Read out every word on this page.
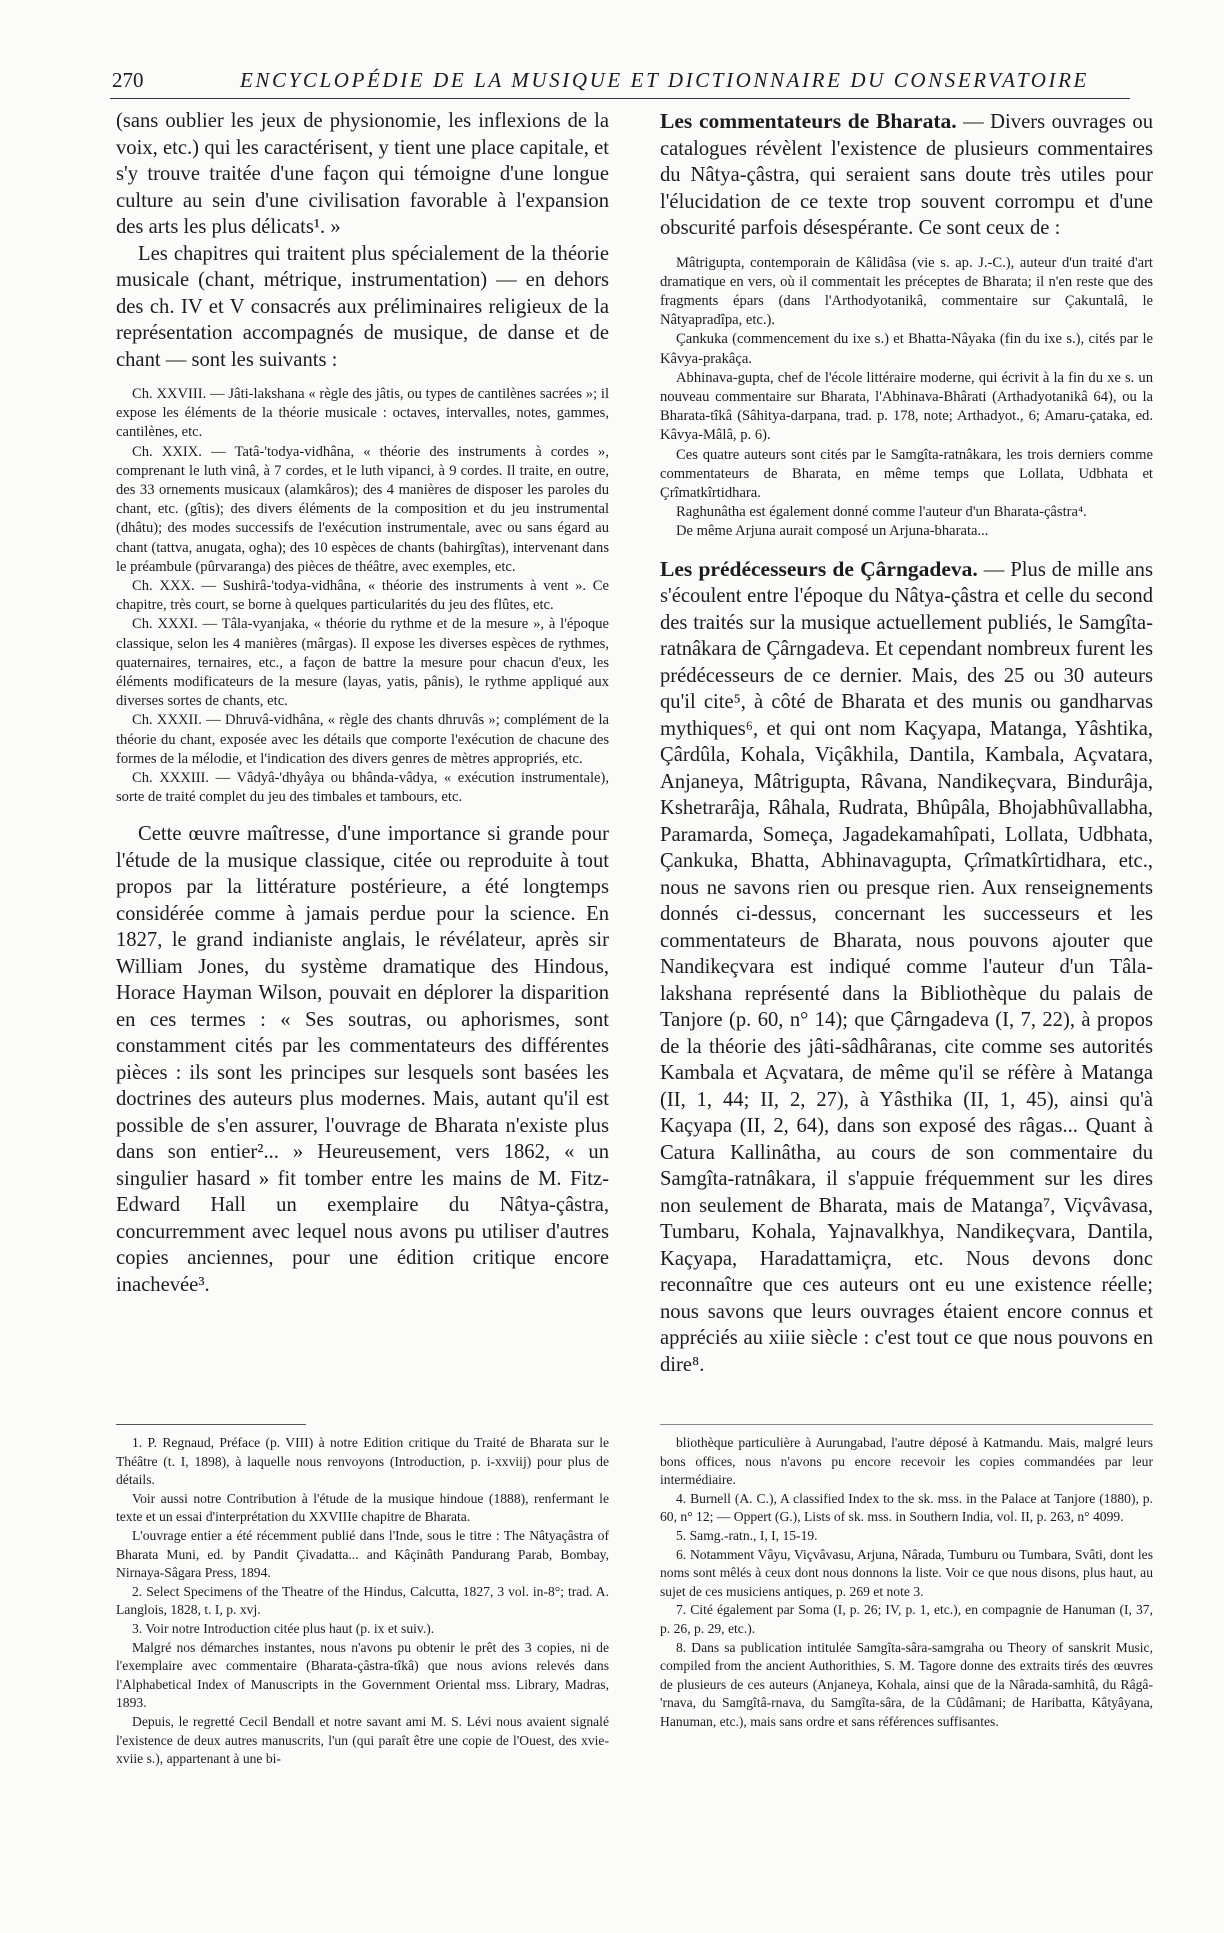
270	ENCYCLOPÉDIE DE LA MUSIQUE ET DICTIONNAIRE DU CONSERVATOIRE

(sans oublier les jeux de physionomie, les inflexions de la voix, etc.) qui les caractérisent, y tient une place capitale, et s'y trouve traitée d'une façon qui témoigne d'une longue culture au sein d'une civilisation favorable à l'expansion des arts les plus délicats¹. »

Les chapitres qui traitent plus spécialement de la théorie musicale (chant, métrique, instrumentation) — en dehors des ch. IV et V consacrés aux préliminaires religieux de la représentation accompagnés de musique, de danse et de chant — sont les suivants :

Ch. XXVIII. — Jâti-lakshana « règle des jâtis, ou types de cantilènes sacrées »; il expose les éléments de la théorie musicale : octaves, intervalles, notes, gammes, cantilènes, etc.

Ch. XXIX. — Tatâ-'todya-vidhâna, « théorie des instruments à cordes », comprenant le luth vinâ, à 7 cordes, et le luth vipanci, à 9 cordes. Il traite, en outre, des 33 ornements musicaux (alamkâros); des 4 manières de disposer les paroles du chant, etc. (gîtis); des divers éléments de la composition et du jeu instrumental (dhâtu); des modes successifs de l'exécution instrumentale, avec ou sans égard au chant (tattva, anugata, ogha); des 10 espèces de chants (bahirgîtas), intervenant dans le préambule (pûrvaranga) des pièces de théâtre, avec exemples, etc.

Ch. XXX. — Sushirâ-'todya-vidhâna, « théorie des instruments à vent ». Ce chapitre, très court, se borne à quelques particularités du jeu des flûtes, etc.

Ch. XXXI. — Tâla-vyanjaka, « théorie du rythme et de la mesure », à l'époque classique, selon les 4 manières (mârgas). Il expose les diverses espèces de rythmes, quaternaires, ternaires, etc., a façon de battre la mesure pour chacun d'eux, les éléments modificateurs de la mesure (layas, yatis, pânis), le rythme appliqué aux diverses sortes de chants, etc.

Ch. XXXII. — Dhruvâ-vidhâna, « règle des chants dhruvâs »; complément de la théorie du chant, exposée avec les détails que comporte l'exécution de chacune des formes de la mélodie, et l'indication des divers genres de mètres appropriés, etc.

Ch. XXXIII. — Vâdyâ-'dhyâya ou bhânda-vâdya, « exécution instrumentale), sorte de traité complet du jeu des timbales et tambours, etc.

Cette œuvre maîtresse, d'une importance si grande pour l'étude de la musique classique, citée ou reproduite à tout propos par la littérature postérieure, a été longtemps considérée comme à jamais perdue pour la science. En 1827, le grand indianiste anglais, le révélateur, après sir William Jones, du système dramatique des Hindous, Horace Hayman Wilson, pouvait en déplorer la disparition en ces termes : « Ses soutras, ou aphorismes, sont constamment cités par les commentateurs des différentes pièces : ils sont les principes sur lesquels sont basées les doctrines des auteurs plus modernes. Mais, autant qu'il est possible de s'en assurer, l'ouvrage de Bharata n'existe plus dans son entier²... » Heureusement, vers 1862, « un singulier hasard » fit tomber entre les mains de M. Fitz-Edward Hall un exemplaire du Nâtya-çâstra, concurremment avec lequel nous avons pu utiliser d'autres copies anciennes, pour une édition critique encore inachevée³.

1. P. Regnaud, Préface (p. VIII) à notre Edition critique du Traité de Bharata sur le Théâtre (t. I, 1898), à laquelle nous renvoyons (Introduction, p. i-xxviij) pour plus de détails.

Voir aussi notre Contribution à l'étude de la musique hindoue (1888), renfermant le texte et un essai d'interprétation du XXVIIIe chapitre de Bharata.

L'ouvrage entier a été récemment publié dans l'Inde, sous le titre : The Nâtyaçâstra of Bharata Muni, ed. by Pandit Çivadatta... and Kâçinâth Pandurang Parab, Bombay, Nirnaya-Sâgara Press, 1894.

2. Select Specimens of the Theatre of the Hindus, Calcutta, 1827, 3 vol. in-8°; trad. A. Langlois, 1828, t. I, p. xvj.

3. Voir notre Introduction citée plus haut (p. ix et suiv.).

Malgré nos démarches instantes, nous n'avons pu obtenir le prêt des 3 copies, ni de l'exemplaire avec commentaire (Bharata-çâstra-tîkâ) que nous avions relevés dans l'Alphabetical Index of Manuscripts in the Government Oriental mss. Library, Madras, 1893.

Depuis, le regretté Cecil Bendall et notre savant ami M. S. Lévi nous avaient signalé l'existence de deux autres manuscrits, l'un (qui paraît être une copie de l'Ouest, des xvie-xviie s.), appartenant à une bi-

Les commentateurs de Bharata. — Divers ouvrages ou catalogues révèlent l'existence de plusieurs commentaires du Nâtya-çâstra, qui seraient sans doute très utiles pour l'élucidation de ce texte trop souvent corrompu et d'une obscurité parfois désespérante. Ce sont ceux de :

Mâtrigupta, contemporain de Kâlidâsa (vie s. ap. J.-C.), auteur d'un traité d'art dramatique en vers, où il commentait les préceptes de Bharata; il n'en reste que des fragments épars (dans l'Arthodyotanikâ, commentaire sur Çakuntalâ, le Nâtyapradîpa, etc.).

Çankuka (commencement du ixe s.) et Bhatta-Nâyaka (fin du ixe s.), cités par le Kâvya-prakâça.

Abhinava-gupta, chef de l'école littéraire moderne, qui écrivit à la fin du xe s. un nouveau commentaire sur Bharata, l'Abhinava-Bhârati (Arthadyotanikâ 64), ou la Bharata-tîkâ (Sâhitya-darpana, trad. p. 178, note; Arthadyot., 6; Amaru-çataka, ed. Kâvya-Mâlâ, p. 6).

Ces quatre auteurs sont cités par le Samgîta-ratnâkara, les trois derniers comme commentateurs de Bharata, en même temps que Lollata, Udbhata et Çrîmatkîrtidhara.

Raghunâtha est également donné comme l'auteur d'un Bharata-çâstra⁴.

De même Arjuna aurait composé un Arjuna-bharata...

Les prédécesseurs de Çârngadeva. — Plus de mille ans s'écoulent entre l'époque du Nâtya-çâstra et celle du second des traités sur la musique actuellement publiés, le Samgîta-ratnâkara de Çârngadeva. Et cependant nombreux furent les prédécesseurs de ce dernier. Mais, des 25 ou 30 auteurs qu'il cite⁵, à côté de Bharata et des munis ou gandharvas mythiques⁶, et qui ont nom Kaçyapa, Matanga, Yâshtika, Çârdûla, Kohala, Viçâkhila, Dantila, Kambala, Açvatara, Anjaneya, Mâtrigupta, Râvana, Nandikeçvara, Bindurâja, Kshetrarâja, Râhala, Rudrata, Bhûpâla, Bhojabhûvallabha, Paramarda, Someça, Jagadekamahîpati, Lollata, Udbhata, Çankuka, Bhatta, Abhinavagupta, Çrîmatkîrtidhara, etc., nous ne savons rien ou presque rien. Aux renseignements donnés ci-dessus, concernant les successeurs et les commentateurs de Bharata, nous pouvons ajouter que Nandikeçvara est indiqué comme l'auteur d'un Tâla-lakshana représenté dans la Bibliothèque du palais de Tanjore (p. 60, n° 14); que Çârngadeva (I, 7, 22), à propos de la théorie des jâti-sâdhâranas, cite comme ses autorités Kambala et Açvatara, de même qu'il se réfère à Matanga (II, 1, 44; II, 2, 27), à Yâsthika (II, 1, 45), ainsi qu'à Kaçyapa (II, 2, 64), dans son exposé des râgas... Quant à Catura Kallinâtha, au cours de son commentaire du Samgîta-ratnâkara, il s'appuie fréquemment sur les dires non seulement de Bharata, mais de Matanga⁷, Viçvâvasa, Tumbaru, Kohala, Yajnavalkhya, Nandikeçvara, Dantila, Kaçyapa, Haradattamiçra, etc. Nous devons donc reconnaître que ces auteurs ont eu une existence réelle; nous savons que leurs ouvrages étaient encore connus et appréciés au xiiie siècle : c'est tout ce que nous pouvons en dire⁸.

bliothèque particulière à Aurungabad, l'autre déposé à Katmandu. Mais, malgré leurs bons offices, nous n'avons pu encore recevoir les copies commandées par leur intermédiaire.

4. Burnell (A. C.), A classified Index to the sk. mss. in the Palace at Tanjore (1880), p. 60, n° 12; — Oppert (G.), Lists of sk. mss. in Southern India, vol. II, p. 263, n° 4099.

5. Samg.-ratn., I, I, 15-19.

6. Notamment Vâyu, Viçvâvasu, Arjuna, Nârada, Tumburu ou Tumbara, Svâti, dont les noms sont mêlés à ceux dont nous donnons la liste. Voir ce que nous disons, plus haut, au sujet de ces musiciens antiques, p. 269 et note 3.

7. Cité également par Soma (I, p. 26; IV, p. 1, etc.), en compagnie de Hanuman (I, 37, p. 26, p. 29, etc.).

8. Dans sa publication intitulée Samgîta-sâra-samgraha ou Theory of sanskrit Music, compiled from the ancient Authorithies, S. M. Tagore donne des extraits tirés des œuvres de plusieurs de ces auteurs (Anjaneya, Kohala, ainsi que de la Nârada-samhitâ, du Râgâ-'rnava, du Samgîtâ-rnava, du Samgîta-sâra, de la Cûdâmani; de Haribatta, Kâtyâyana, Hanuman, etc.), mais sans ordre et sans références suffisantes.
